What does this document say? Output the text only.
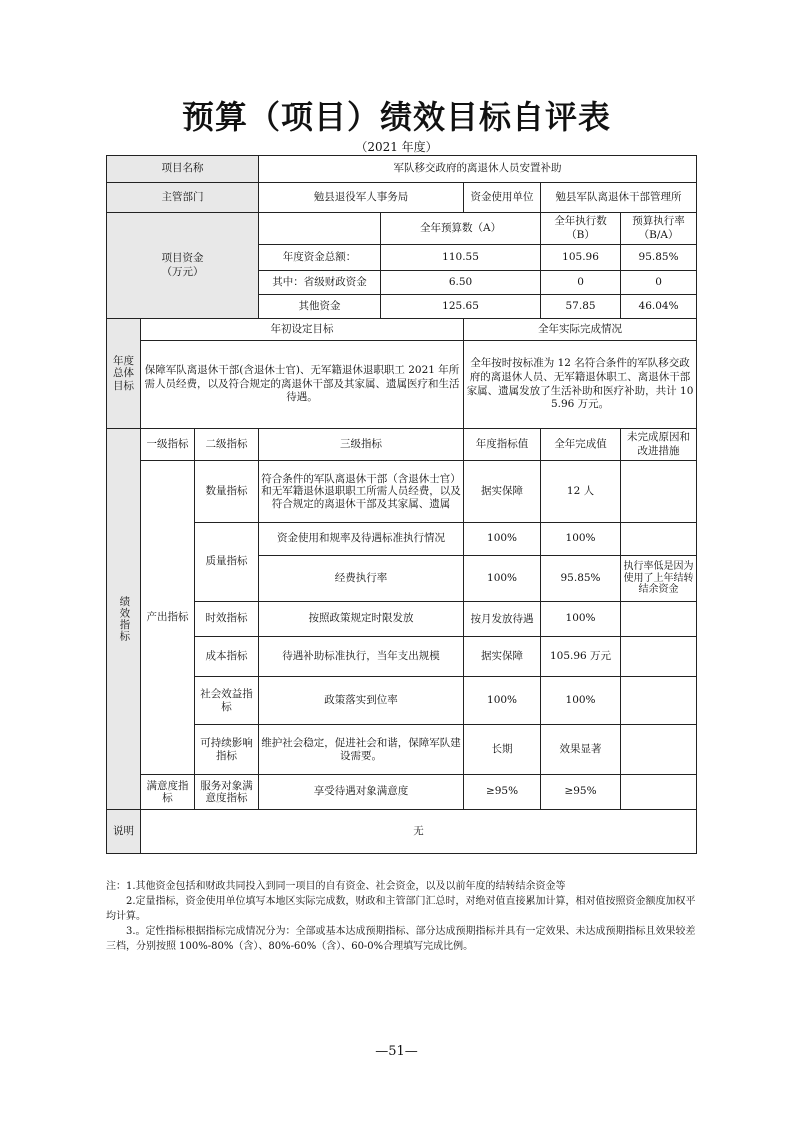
预算（项目）绩效目标自评表
（2021 年度）
项目名称			军队移交政府的离退休人员安置补助				
主管部门			勉县退役军人事务局		资金使用单位	勉县军队离退休干部管理所	
项目资金
（万元）				全年预算数（A）		全年执行数（B）	预算执行率（B/A）
			年度资金总额：	110.55		105.96	95.85%
			其中：省级财政资金	6.50		0	0
			其他资金	125.65		57.85	46.04%
年度总体目标	年初设定目标				全年实际完成情况		
	保障军队离退休干部(含退休士官)、无军籍退休退职职工 2021 年所需人员经费，以及符合规定的离退休干部及其家属、遗属医疗和生活待遇。				全年按时按标准为 12 名符合条件的军队移交政府的离退休人员、无军籍退休职工、离退休干部家属、遗属发放了生活补助和医疗补助，共计 105.96 万元。		
绩效指标	一级指标	二级指标	三级指标		年度指标值	全年完成值	未完成原因和改进措施
	产出指标	数量指标	符合条件的军队离退休干部（含退休士官）和无军籍退休退职职工所需人员经费，以及符合规定的离退休干部及其家属、遗属		据实保障	12 人	
		质量指标	资金使用和规率及待遇标准执行情况		100%	100%	
			经费执行率		100%	95.85%	执行率低是因为使用了上年结转结余资金
		时效指标	按照政策规定时限发放		按月发放待遇	100%	
		成本指标	待遇补助标准执行，当年支出规模		据实保障	105.96 万元	
		社会效益指标	政策落实到位率		100%	100%	
		可持续影响指标	维护社会稳定，促进社会和谐，保障军队建设需要。		长期	效果显著	

	满意度指标	服务对象满意度指标	享受待遇对象满意度		≥95%	≥95%	
说明	无						
注：1.其他资金包括和财政共同投入到同一项目的自有资金、社会资金，以及以前年度的结转结余资金等
　　2.定量指标，资金使用单位填写本地区实际完成数，财政和主管部门汇总时，对绝对值直接累加计算，相对值按照资金额度加权平均计算。
　　3.。定性指标根据指标完成情况分为：全部或基本达成预期指标、部分达成预期指标并具有一定效果、未达成预期指标且效果较差三档，分别按照 100%-80%（含）、80%-60%（含）、60-0%合理填写完成比例。
—51—
